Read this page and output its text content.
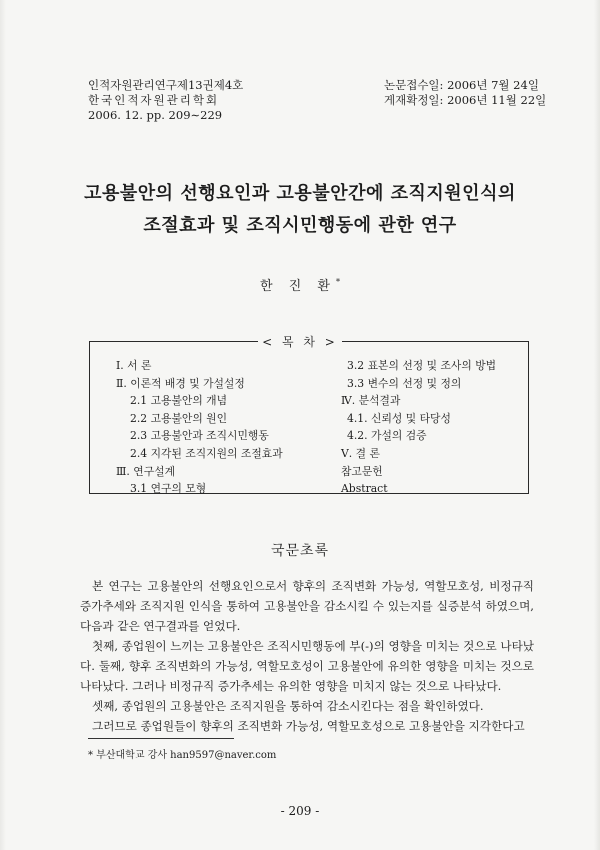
인적자원관리연구제13권제4호
한국인적자원관리학회
2006. 12. pp. 209∼229
논문접수일: 2006년 7월 24일
게재확정일: 2006년 11월 22일
고용불안의 선행요인과 고용불안간에 조직지원인식의
조절효과 및 조직시민행동에 관한 연구
한 진 환*
< 목 차 >
Ⅰ. 서 론
Ⅱ. 이론적 배경 및 가설설정
2.1 고용불안의 개념
2.2 고용불안의 원인
2.3 고용불안과 조직시민행동
2.4 지각된 조직지원의 조절효과
Ⅲ. 연구설계
3.1 연구의 모형
3.2 표본의 선정 및 조사의 방법
3.3 변수의 선정 및 정의
Ⅳ. 분석결과
4.1. 신뢰성 및 타당성
4.2. 가설의 검증
Ⅴ. 결 론
참고문헌
Abstract
국문초록

본 연구는 고용불안의 선행요인으로서 향후의 조직변화 가능성, 역할모호성, 비정규직 증가추세와 조직지원 인식을 통하여 고용불안을 감소시킬 수 있는지를 실증분석 하였으며, 다음과 같은 연구결과를 얻었다.

첫째, 종업원이 느끼는 고용불안은 조직시민행동에 부(-)의 영향을 미치는 것으로 나타났다. 둘째, 향후 조직변화의 가능성, 역할모호성이 고용불안에 유의한 영향을 미치는 것으로 나타났다. 그러나 비정규직 증가추세는 유의한 영향을 미치지 않는 것으로 나타났다.

셋째, 종업원의 고용불안은 조직지원을 통하여 감소시킨다는 점을 확인하였다.

그러므로 종업원들이 향후의 조직변화 가능성, 역할모호성으로 고용불안을 지각한다고

* 부산대학교 강사 han9597@naver.com
- 209 -
